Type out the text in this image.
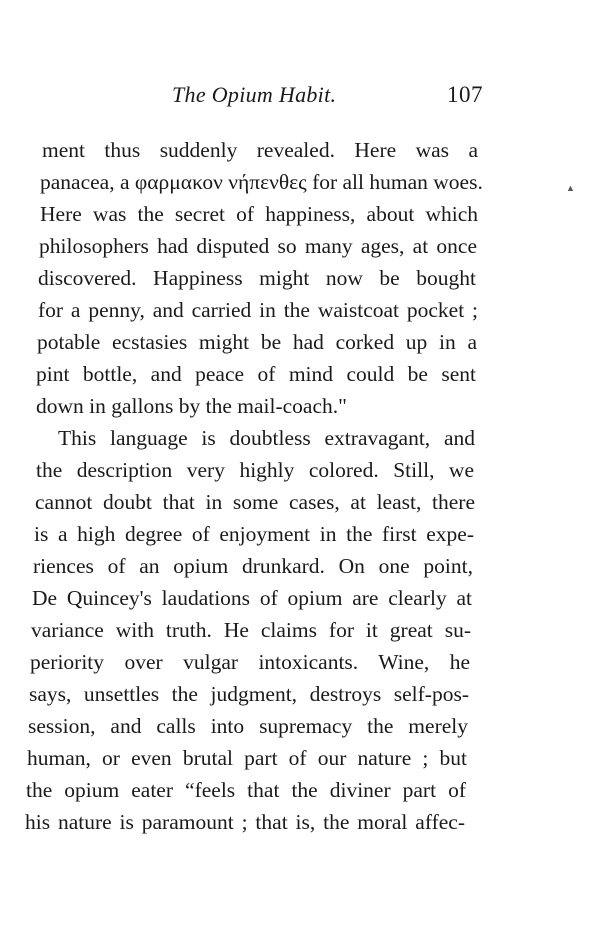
The Opium Habit.	107
ment thus suddenly revealed. Here was a
panacea, a φαρμακον νήπενθες for all human woes.
Here was the secret of happiness, about which
philosophers had disputed so many ages, at once
discovered. Happiness might now be bought
for a penny, and carried in the waistcoat pocket ;
potable ecstasies might be had corked up in a
pint bottle, and peace of mind could be sent
down in gallons by the mail-coach."
This language is doubtless extravagant, and
the description very highly colored. Still, we
cannot doubt that in some cases, at least, there
is a high degree of enjoyment in the first expe-
riences of an opium drunkard. On one point,
De Quincey's laudations of opium are clearly at
variance with truth. He claims for it great su-
periority over vulgar intoxicants. Wine, he
says, unsettles the judgment, destroys self-pos-
session, and calls into supremacy the merely
human, or even brutal part of our nature ; but
the opium eater “feels that the diviner part of
his nature is paramount ; that is, the moral affec-
▲
